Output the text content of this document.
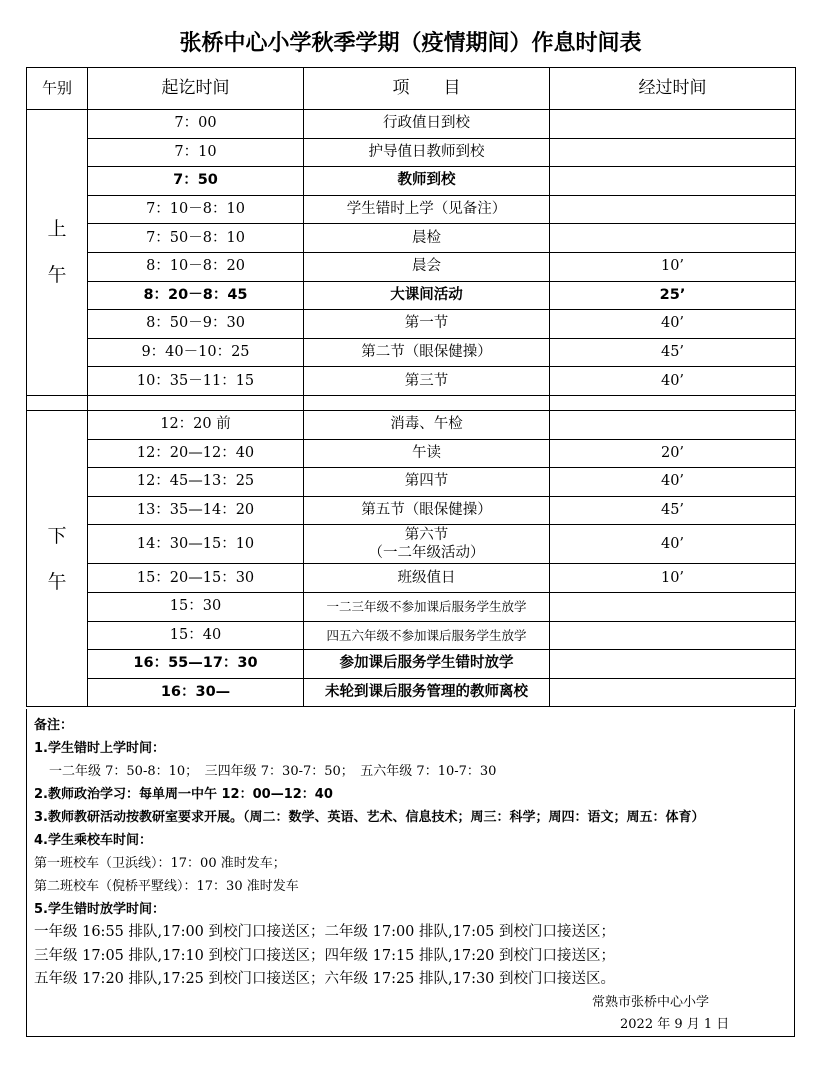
张桥中心小学秋季学期（疫情期间）作息时间表
午别	起讫时间	项　　目	经过时间
上
午	7：00	行政值日到校	
	7：10	护导值日教师到校	
	7：50	教师到校	
	7：10－8：10	学生错时上学（见备注）	
	7：50－8：10	晨检	
	8：10－8：20	晨会	10’
	8：20－8：45	大课间活动	25’
	8：50－9：30	第一节	40’
	9：40－10：25	第二节（眼保健操）	45’
	10：35－11：15	第三节	40’

下
午	12：20 前	消毒、午检	
	12：20—12：40	午读	20’
	12：45—13：25	第四节	40’
	13：35—14：20	第五节（眼保健操）	45’
	14：30—15：10	第六节
（一二年级活动）	40’
	15：20—15：30	班级值日	10’
	15：30	一二三年级不参加课后服务学生放学	
	15：40	四五六年级不参加课后服务学生放学	
	16：55—17：30	参加课后服务学生错时放学	
	16：30—	未轮到课后服务管理的教师离校	
备注：
1.学生错时上学时间：
一二年级 7：50-8：10；　三四年级 7：30-7：50；　五六年级 7：10-7：30
2.教师政治学习：每单周一中午 12：00—12：40
3.教师教研活动按教研室要求开展。（周二：数学、英语、艺术、信息技术；周三：科学；周四：语文；周五：体育）
4.学生乘校车时间：
第一班校车（卫浜线）：17：00 准时发车；
第二班校车（倪桥平墅线）：17：30 准时发车
5.学生错时放学时间：
一年级 16:55 排队,17:00 到校门口接送区；二年级 17:00 排队,17:05 到校门口接送区；
三年级 17:05 排队,17:10 到校门口接送区；四年级 17:15 排队,17:20 到校门口接送区；
五年级 17:20 排队,17:25 到校门口接送区；六年级 17:25 排队,17:30 到校门口接送区。
常熟市张桥中心小学
2022 年 9 月 1 日
